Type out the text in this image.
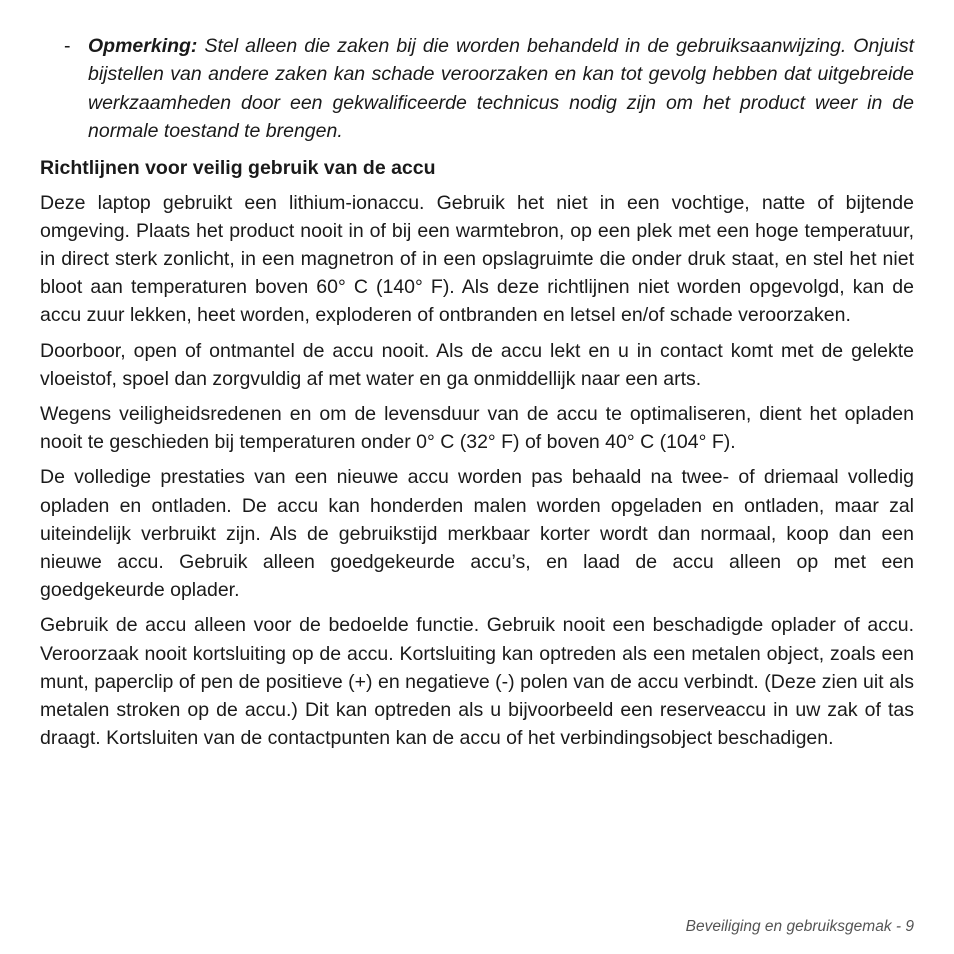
- Opmerking: Stel alleen die zaken bij die worden behandeld in de gebruiksaanwijzing. Onjuist bijstellen van andere zaken kan schade veroorzaken en kan tot gevolg hebben dat uitgebreide werkzaamheden door een gekwalificeerde technicus nodig zijn om het product weer in de normale toestand te brengen.
Richtlijnen voor veilig gebruik van de accu

Deze laptop gebruikt een lithium-ionaccu. Gebruik het niet in een vochtige, natte of bijtende omgeving. Plaats het product nooit in of bij een warmtebron, op een plek met een hoge temperatuur, in direct sterk zonlicht, in een magnetron of in een opslagruimte die onder druk staat, en stel het niet bloot aan temperaturen boven 60° C (140° F). Als deze richtlijnen niet worden opgevolgd, kan de accu zuur lekken, heet worden, exploderen of ontbranden en letsel en/of schade veroorzaken.

Doorboor, open of ontmantel de accu nooit. Als de accu lekt en u in contact komt met de gelekte vloeistof, spoel dan zorgvuldig af met water en ga onmiddellijk naar een arts.

Wegens veiligheidsredenen en om de levensduur van de accu te optimaliseren, dient het opladen nooit te geschieden bij temperaturen onder 0° C (32° F) of boven 40° C (104° F).

De volledige prestaties van een nieuwe accu worden pas behaald na twee- of driemaal volledig opladen en ontladen. De accu kan honderden malen worden opgeladen en ontladen, maar zal uiteindelijk verbruikt zijn. Als de gebruikstijd merkbaar korter wordt dan normaal, koop dan een nieuwe accu. Gebruik alleen goedgekeurde accu’s, en laad de accu alleen op met een goedgekeurde oplader.

Gebruik de accu alleen voor de bedoelde functie. Gebruik nooit een beschadigde oplader of accu. Veroorzaak nooit kortsluiting op de accu. Kortsluiting kan optreden als een metalen object, zoals een munt, paperclip of pen de positieve (+) en negatieve (-) polen van de accu verbindt. (Deze zien uit als metalen stroken op de accu.) Dit kan optreden als u bijvoorbeeld een reserveaccu in uw zak of tas draagt. Kortsluiten van de contactpunten kan de accu of het verbindingsobject beschadigen.

Beveiliging en gebruiksgemak - 9
